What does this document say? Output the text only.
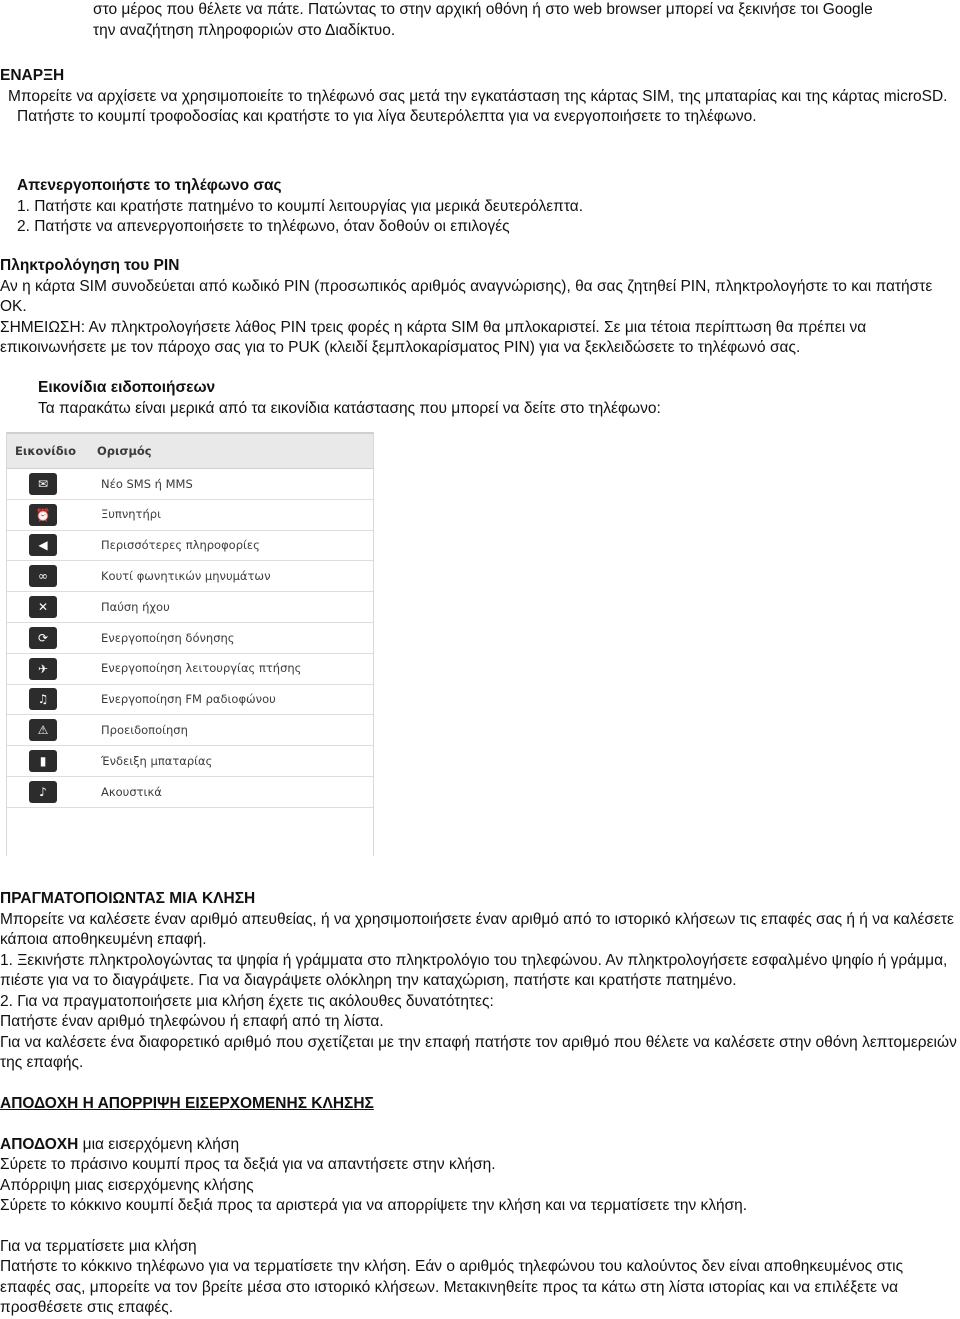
στο μέρος που θέλετε να πάτε. Πατώντας το στην αρχική οθόνη ή στο web browser μπορεί να ξεκινήσε τοι Google

την αναζήτηση πληροφοριών στο Διαδίκτυο.

ΕΝΑΡΞΗ

Μπορείτε να αρχίσετε να χρησιμοποιείτε το τηλέφωνό σας μετά την εγκατάσταση της κάρτας SIM, της μπαταρίας και της κάρτας microSD.

Πατήστε το κουμπί τροφοδοσίας και κρατήστε το για λίγα δευτερόλεπτα για να ενεργοποιήσετε το τηλέφωνο.

Απενεργοποιήστε το τηλέφωνο σας

1. Πατήστε και κρατήστε πατημένο το κουμπί λειτουργίας για μερικά δευτερόλεπτα.

2. Πατήστε να απενεργοποιήσετε το τηλέφωνο, όταν δοθούν οι επιλογές

Πληκτρολόγηση του PIN

Αν η κάρτα SIM συνοδεύεται από κωδικό PIN (προσωπικός αριθμός αναγνώρισης), θα σας ζητηθεί PIN, πληκτρολογήστε το και πατήστε OK.

ΣΗΜΕΙΩΣΗ: Αν πληκτρολογήσετε λάθος PIN τρεις φορές η κάρτα SIM θα μπλοκαριστεί. Σε μια τέτοια περίπτωση θα πρέπει να επικοινωνήσετε με τον πάροχο σας για το PUK (κλειδί ξεμπλοκαρίσματος PIN) για να ξεκλειδώσετε το τηλέφωνό σας.

Εικονίδια ειδοποιήσεων

Τα παρακάτω είναι μερικά από τα εικονίδια κατάστασης που μπορεί να δείτε στο τηλέφωνο:

Εικονίδιο	Ορισμός
✉	Νέο SMS ή MMS
⏰	Ξυπνητήρι
◀	Περισσότερες πληροφορίες
∞	Κουτί φωνητικών μηνυμάτων
✕	Παύση ήχου
⟳	Ενεργοποίηση δόνησης
✈	Ενεργοποίηση λειτουργίας πτήσης
♫	Ενεργοποίηση FM ραδιοφώνου
⚠	Προειδοποίηση
▮	Ένδειξη μπαταρίας
♪	Ακουστικά

ΠΡΑΓΜΑΤΟΠΟΙΩΝΤΑΣ ΜΙΑ ΚΛΗΣΗ

Μπορείτε να καλέσετε έναν αριθμό απευθείας, ή να χρησιμοποιήσετε έναν αριθμό από το ιστορικό κλήσεων τις επαφές σας ή ή να καλέσετε κάποια αποθηκευμένη επαφή.

1. Ξεκινήστε πληκτρολογώντας τα ψηφία ή γράμματα στο πληκτρολόγιο του τηλεφώνου. Αν πληκτρολογήσετε εσφαλμένο ψηφίο ή γράμμα, πιέστε για να το διαγράψετε. Για να διαγράψετε ολόκληρη την καταχώριση, πατήστε και κρατήστε πατημένο.

2. Για να πραγματοποιήσετε μια κλήση έχετε τις ακόλουθες δυνατότητες:

Πατήστε έναν αριθμό τηλεφώνου ή επαφή από τη λίστα.

Για να καλέσετε ένα διαφορετικό αριθμό που σχετίζεται με την επαφή πατήστε τον αριθμό που θέλετε να καλέσετε στην οθόνη λεπτομερειών της επαφής.

ΑΠΟΔΟΧΗ Η ΑΠΟΡΡΙΨΗ ΕΙΣΕΡΧΟΜΕΝΗΣ ΚΛΗΣΗΣ

ΑΠΟΔΟΧΗ μια εισερχόμενη κλήση

Σύρετε το πράσινο κουμπί προς τα δεξιά για να απαντήσετε στην κλήση.

Απόρριψη μιας εισερχόμενης κλήσης

Σύρετε το κόκκινο κουμπί δεξιά προς τα αριστερά για να απορρίψετε την κλήση και να τερματίσετε την κλήση.

Για να τερματίσετε μια κλήση

Πατήστε το κόκκινο τηλέφωνο για να τερματίσετε την κλήση. Εάν ο αριθμός τηλεφώνου του καλούντος δεν είναι αποθηκευμένος στις επαφές σας, μπορείτε να τον βρείτε μέσα στο ιστορικό κλήσεων. Μετακινηθείτε προς τα κάτω στη λίστα ιστορίας και να επιλέξετε να προσθέσετε στις επαφές.
